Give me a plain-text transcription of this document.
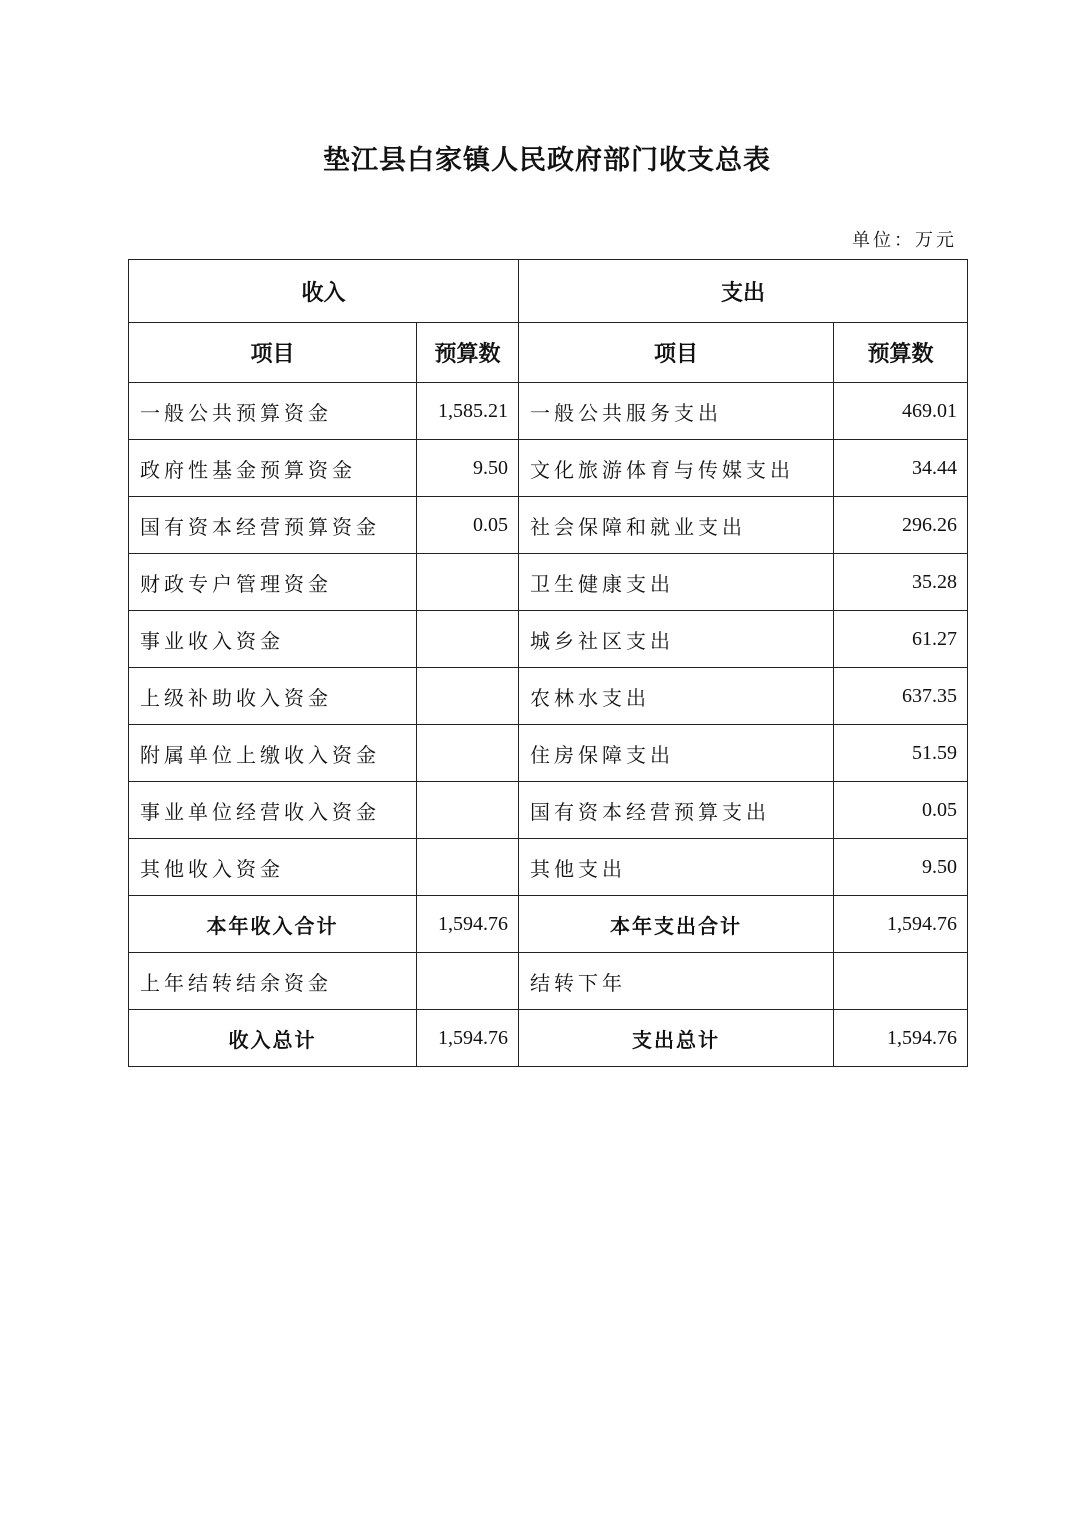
垫江县白家镇人民政府部门收支总表
单位：万元
收入		支出	
项目	预算数	项目	预算数
一般公共预算资金	1,585.21	一般公共服务支出	469.01
政府性基金预算资金	9.50	文化旅游体育与传媒支出	34.44
国有资本经营预算资金	0.05	社会保障和就业支出	296.26
财政专户管理资金		卫生健康支出	35.28
事业收入资金		城乡社区支出	61.27
上级补助收入资金		农林水支出	637.35
附属单位上缴收入资金		住房保障支出	51.59
事业单位经营收入资金		国有资本经营预算支出	0.05
其他收入资金		其他支出	9.50
本年收入合计	1,594.76	本年支出合计	1,594.76
上年结转结余资金		结转下年	
收入总计	1,594.76	支出总计	1,594.76
